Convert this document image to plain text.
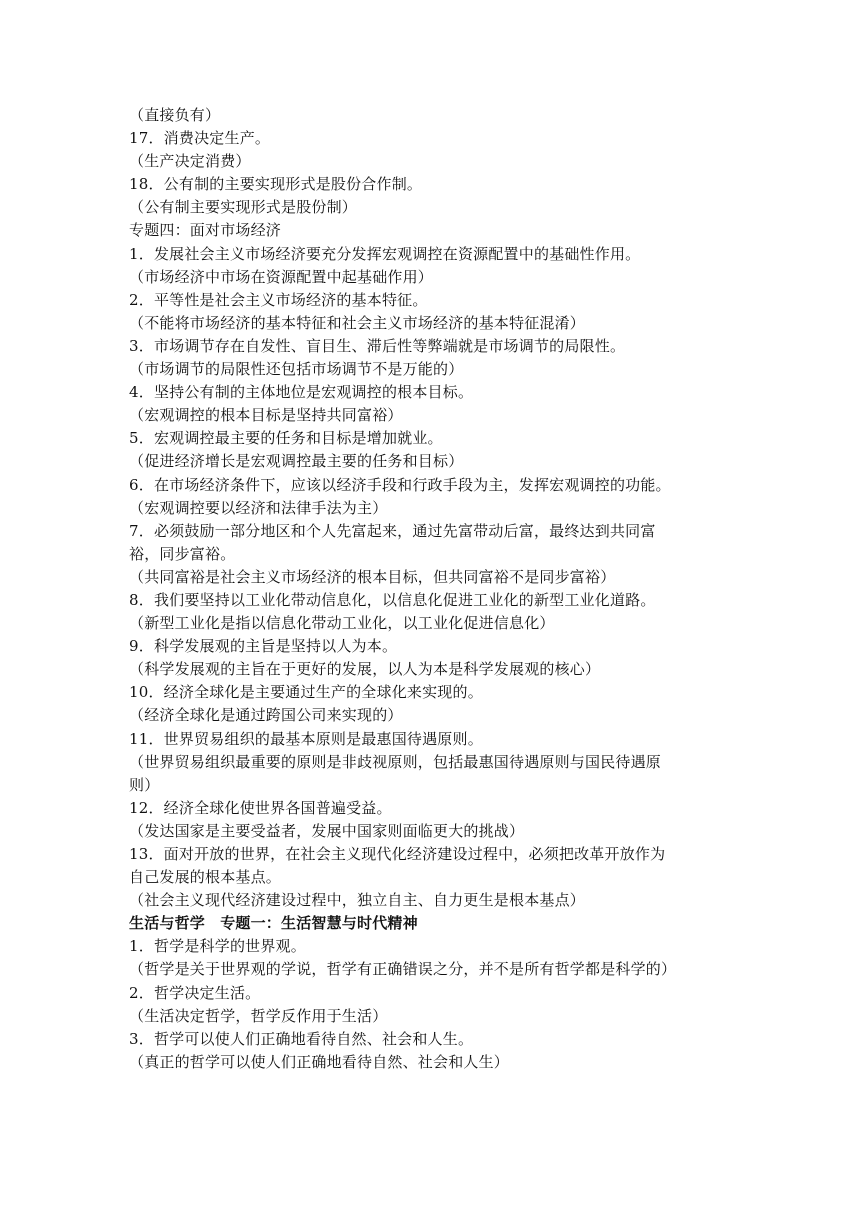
（直接负有）
17．消费决定生产。
（生产决定消费）
18．公有制的主要实现形式是股份合作制。
（公有制主要实现形式是股份制）
专题四：面对市场经济
1．发展社会主义市场经济要充分发挥宏观调控在资源配置中的基础性作用。
（市场经济中市场在资源配置中起基础作用）
2．平等性是社会主义市场经济的基本特征。
（不能将市场经济的基本特征和社会主义市场经济的基本特征混淆）
3．市场调节存在自发性、盲目生、滞后性等弊端就是市场调节的局限性。
（市场调节的局限性还包括市场调节不是万能的）
4．坚持公有制的主体地位是宏观调控的根本目标。
（宏观调控的根本目标是坚持共同富裕）
5．宏观调控最主要的任务和目标是增加就业。
（促进经济增长是宏观调控最主要的任务和目标）
6．在市场经济条件下，应该以经济手段和行政手段为主，发挥宏观调控的功能。
（宏观调控要以经济和法律手法为主）
7．必须鼓励一部分地区和个人先富起来，通过先富带动后富，最终达到共同富
裕，同步富裕。
（共同富裕是社会主义市场经济的根本目标，但共同富裕不是同步富裕）
8．我们要坚持以工业化带动信息化，以信息化促进工业化的新型工业化道路。
（新型工业化是指以信息化带动工业化，以工业化促进信息化）
9．科学发展观的主旨是坚持以人为本。
（科学发展观的主旨在于更好的发展，以人为本是科学发展观的核心）
10．经济全球化是主要通过生产的全球化来实现的。
（经济全球化是通过跨国公司来实现的）
11．世界贸易组织的最基本原则是最惠国待遇原则。
（世界贸易组织最重要的原则是非歧视原则，包括最惠国待遇原则与国民待遇原
则）
12．经济全球化使世界各国普遍受益。
（发达国家是主要受益者，发展中国家则面临更大的挑战）
13．面对开放的世界，在社会主义现代化经济建设过程中，必须把改革开放作为
自己发展的根本基点。
（社会主义现代经济建设过程中，独立自主、自力更生是根本基点）
生活与哲学　专题一：生活智慧与时代精神
1．哲学是科学的世界观。
（哲学是关于世界观的学说，哲学有正确错误之分，并不是所有哲学都是科学的）
2．哲学决定生活。
（生活决定哲学，哲学反作用于生活）
3．哲学可以使人们正确地看待自然、社会和人生。
（真正的哲学可以使人们正确地看待自然、社会和人生）
